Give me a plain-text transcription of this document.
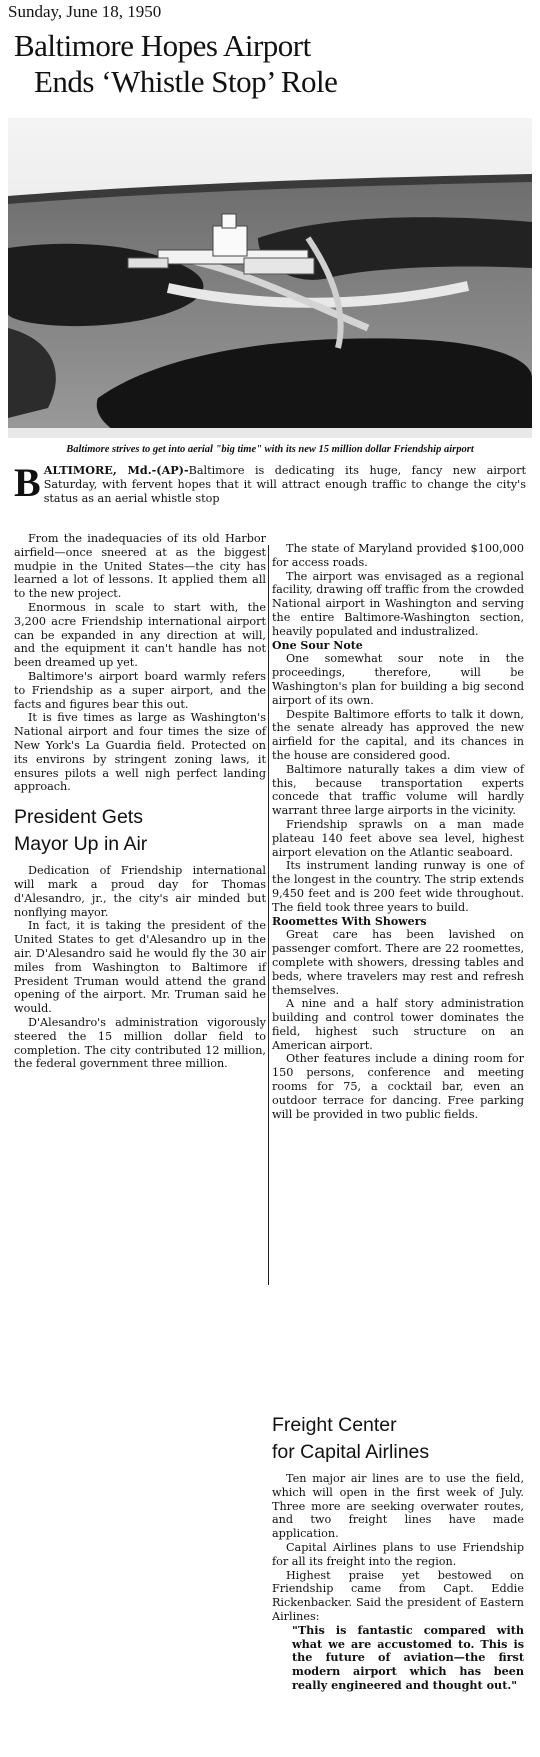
Sunday, June 18, 1950
Baltimore Hopes Airport
Ends ‘Whistle Stop’ Role
Baltimore strives to get into aerial "big time" with its new 15 million dollar Friendship airport

B ALTIMORE, Md.-(AP)-Baltimore is dedicating its huge, fancy new airport Saturday, with fervent hopes that it will attract enough traffic to change the city's status as an aerial whistle stop

From the inadequacies of its old Harbor airfield—once sneered at as the biggest mudpie in the United States—the city has learned a lot of lessons. It applied them all to the new project.

Enormous in scale to start with, the 3,200 acre Friendship international airport can be expanded in any direction at will, and the equipment it can't handle has not been dreamed up yet.

Baltimore's airport board warmly refers to Friendship as a super airport, and the facts and figures bear this out.

It is five times as large as Washington's National airport and four times the size of New York's La Guardia field. Protected on its environs by stringent zoning laws, it ensures pilots a well nigh perfect landing approach.

President Gets
Mayor Up in Air

Dedication of Friendship international will mark a proud day for Thomas d'Alesandro, jr., the city's air minded but nonflying mayor.

In fact, it is taking the president of the United States to get d'Alesandro up in the air. D'Alesandro said he would fly the 30 air miles from Washington to Baltimore if President Truman would attend the grand opening of the airport. Mr. Truman said he would.

D'Alesandro's administration vigorously steered the 15 million dollar field to completion. The city contributed 12 million, the federal government three million.

The state of Maryland provided $100,000 for access roads.

The airport was envisaged as a regional facility, drawing off traffic from the crowded National airport in Washington and serving the entire Baltimore-Washington section, heavily populated and industralized.

One Sour Note

One somewhat sour note in the proceedings, therefore, will be Washington's plan for building a big second airport of its own.

Despite Baltimore efforts to talk it down, the senate already has approved the new airfield for the capital, and its chances in the house are considered good.

Baltimore naturally takes a dim view of this, because transportation experts concede that traffic volume will hardly warrant three large airports in the vicinity.

Friendship sprawls on a man made plateau 140 feet above sea level, highest airport elevation on the Atlantic seaboard.

Its instrument landing runway is one of the longest in the country. The strip extends 9,450 feet and is 200 feet wide throughout. The field took three years to build.

Roomettes With Showers

Great care has been lavished on passenger comfort. There are 22 roomettes, complete with showers, dressing tables and beds, where travelers may rest and refresh themselves.

A nine and a half story administration building and control tower dominates the field, highest such structure on an American airport.

Other features include a dining room for 150 persons, conference and meeting rooms for 75, a cocktail bar, even an outdoor terrace for dancing. Free parking will be provided in two public fields.

Freight Center
for Capital Airlines

Ten major air lines are to use the field, which will open in the first week of July. Three more are seeking overwater routes, and two freight lines have made application.

Capital Airlines plans to use Friendship for all its freight into the region.

Highest praise yet bestowed on Friendship came from Capt. Eddie Rickenbacker. Said the president of Eastern Airlines:

"This is fantastic compared with what we are accustomed to. This is the future of aviation—the first modern airport which has been really engineered and thought out."
